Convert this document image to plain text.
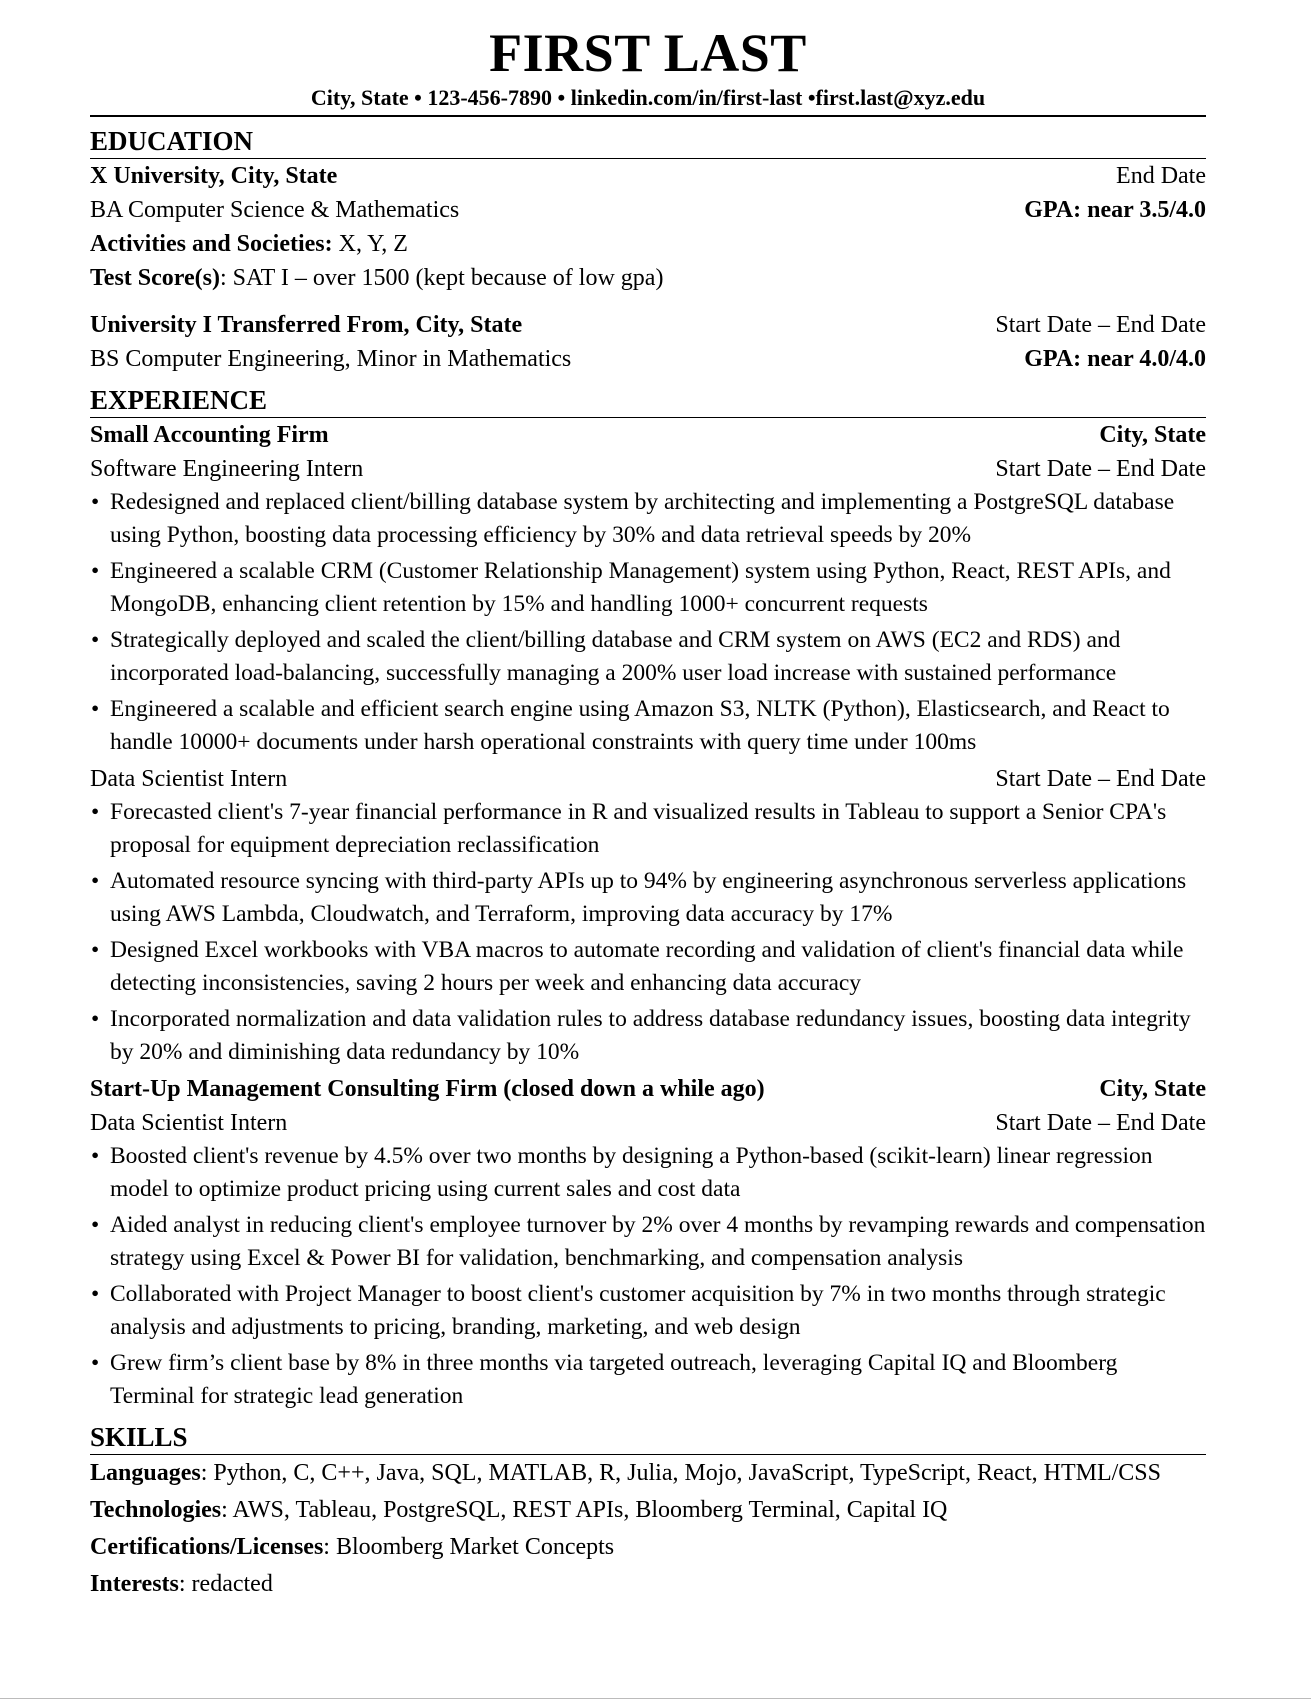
FIRST LAST

City, State • 123-456-7890 • linkedin.com/in/first-last •first.last@xyz.edu

EDUCATION
X University, City, State	End Date
BA Computer Science & Mathematics	GPA: near 3.5/4.0
Activities and Societies: X, Y, Z
Test Score(s): SAT I – over 1500 (kept because of low gpa)
University I Transferred From, City, State	Start Date – End Date
BS Computer Engineering, Minor in Mathematics	GPA: near 4.0/4.0
EXPERIENCE
Small Accounting Firm	City, State
Software Engineering Intern	Start Date – End Date
• Redesigned and replaced client/billing database system by architecting and implementing a PostgreSQL database using Python, boosting data processing efficiency by 30% and data retrieval speeds by 20%
• Engineered a scalable CRM (Customer Relationship Management) system using Python, React, REST APIs, and MongoDB, enhancing client retention by 15% and handling 1000+ concurrent requests
• Strategically deployed and scaled the client/billing database and CRM system on AWS (EC2 and RDS) and incorporated load-balancing, successfully managing a 200% user load increase with sustained performance
• Engineered a scalable and efficient search engine using Amazon S3, NLTK (Python), Elasticsearch, and React to handle 10000+ documents under harsh operational constraints with query time under 100ms
Data Scientist Intern	Start Date – End Date
• Forecasted client's 7-year financial performance in R and visualized results in Tableau to support a Senior CPA's proposal for equipment depreciation reclassification
• Automated resource syncing with third-party APIs up to 94% by engineering asynchronous serverless applications using AWS Lambda, Cloudwatch, and Terraform, improving data accuracy by 17%
• Designed Excel workbooks with VBA macros to automate recording and validation of client's financial data while detecting inconsistencies, saving 2 hours per week and enhancing data accuracy
• Incorporated normalization and data validation rules to address database redundancy issues, boosting data integrity by 20% and diminishing data redundancy by 10%
Start-Up Management Consulting Firm (closed down a while ago)	City, State
Data Scientist Intern	Start Date – End Date
• Boosted client's revenue by 4.5% over two months by designing a Python-based (scikit-learn) linear regression model to optimize product pricing using current sales and cost data
• Aided analyst in reducing client's employee turnover by 2% over 4 months by revamping rewards and compensation strategy using Excel & Power BI for validation, benchmarking, and compensation analysis
• Collaborated with Project Manager to boost client's customer acquisition by 7% in two months through strategic analysis and adjustments to pricing, branding, marketing, and web design
• Grew firm’s client base by 8% in three months via targeted outreach, leveraging Capital IQ and Bloomberg Terminal for strategic lead generation
SKILLS
Languages: Python, C, C++, Java, SQL, MATLAB, R, Julia, Mojo, JavaScript, TypeScript, React, HTML/CSS
Technologies: AWS, Tableau, PostgreSQL, REST APIs, Bloomberg Terminal, Capital IQ
Certifications/Licenses: Bloomberg Market Concepts
Interests: redacted
